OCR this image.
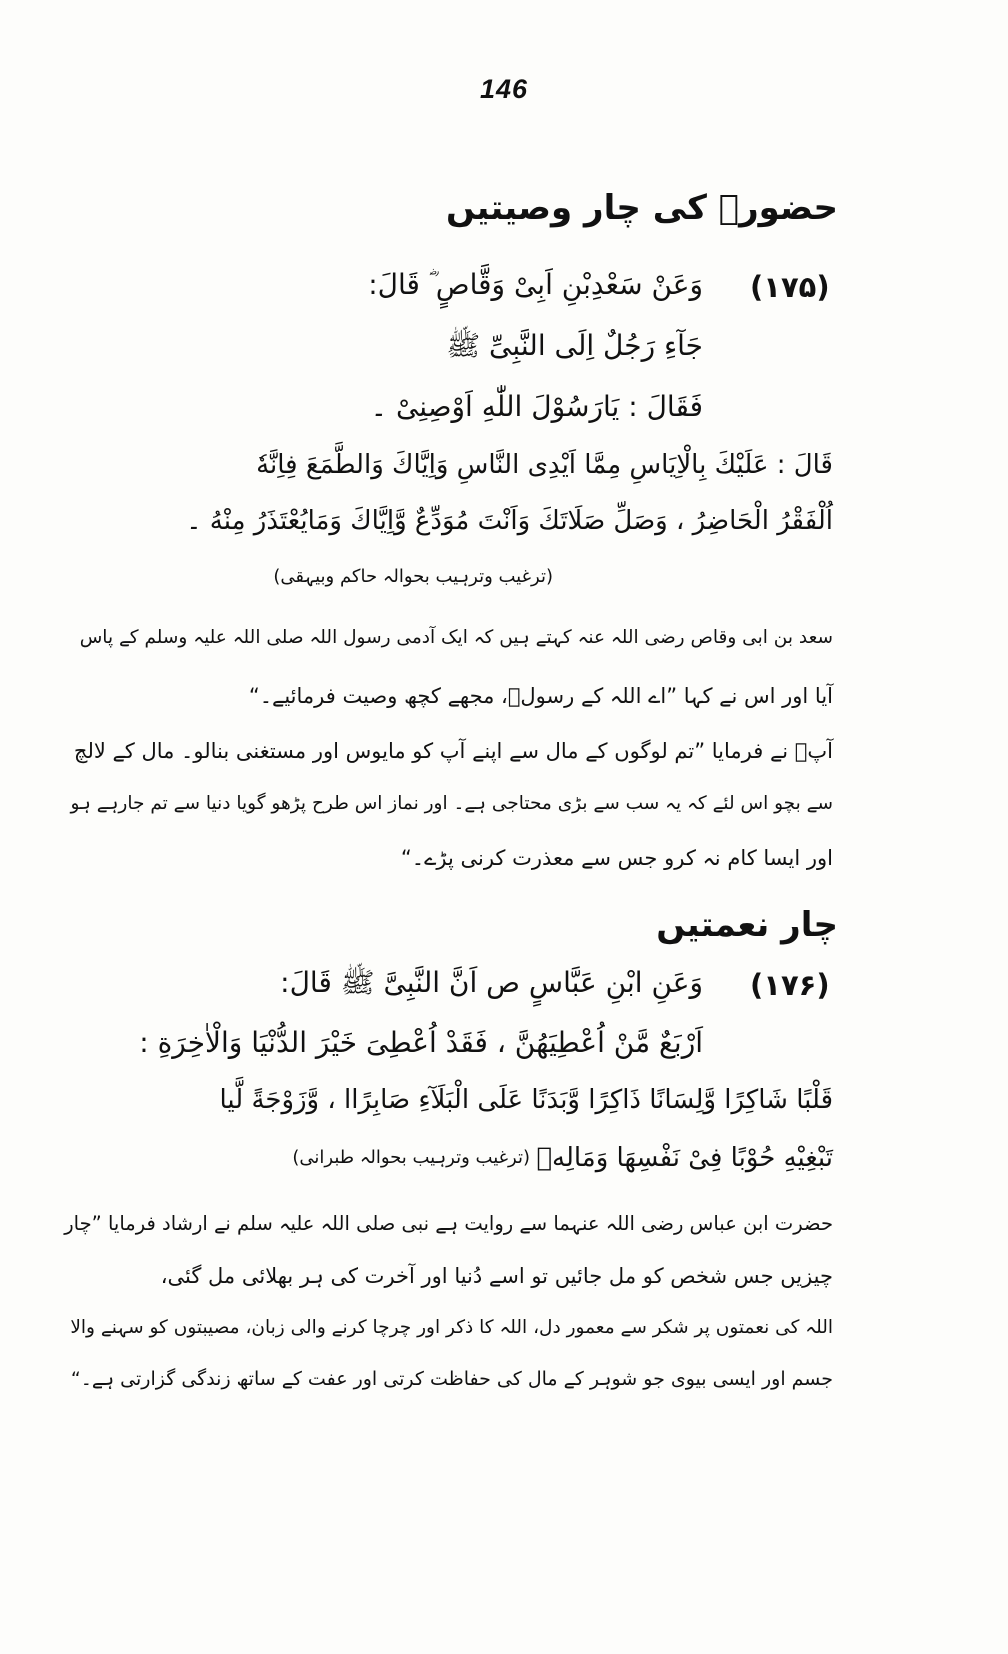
146
حضورؐ کی چار وصیتیں
(۱۷۵)
وَعَنْ سَعْدِبْنِ اَبِیْ وَقَّاصٍ ؓ قَالَ:
جَآءِ رَجُلٌ اِلَی النَّبِیِّ ﷺ
فَقَالَ : یَارَسُوْلَ اللّٰهِ اَوْصِنِیْ ۔
قَالَ : عَلَیْكَ بِالْاِیَاسِ مِمَّا اَیْدِی النَّاسِ وَاِیَّاكَ وَالطَّمَعَ فِاِنَّهٗ
اُلْفَقْرُ الْحَاضِرُ ، وَصَلِّ صَلَاتَكَ وَاَنْتَ مُوَدِّعٌ وَّاِیَّاكَ وَمَایُعْتَذَرُ مِنْهُ ۔
(ترغیب وترہیب بحوالہ حاکم وبیہقی)
سعد بن ابی وقاص رضی اللہ عنہ کہتے ہیں کہ ایک آدمی رسول اللہ صلی اللہ علیہ وسلم کے پاس
آیا اور اس نے کہا ”اے اللہ کے رسولؐ، مجھے کچھ وصیت فرمائیے۔“
آپؐ نے فرمایا ”تم لوگوں کے مال سے اپنے آپ کو مایوس اور مستغنی بنالو۔ مال کے لالچ
سے بچو اس لئے کہ یہ سب سے بڑی محتاجی ہے۔ اور نماز اس طرح پڑھو گویا دنیا سے تم جارہے ہو
اور ایسا کام نہ کرو جس سے معذرت کرنی پڑے۔“
چار نعمتیں
(۱۷۶)
وَعَنِ ابْنِ عَبَّاسٍ ص اَنَّ النَّبِیَّ ﷺ قَالَ:
اَرْبَعٌ مَّنْ اُعْطِیَهُنَّ ، فَقَدْ اُعْطِیَ خَیْرَ الدُّنْیَا وَالْاٰخِرَةِ :
قَلْبًا شَاكِرًا وَّلِسَانًا ذَاكِرًا وَّبَدَنًا عَلَی الْبَلَآءِ صَابِرًاا ، وَّزَوْجَةً لَّیا
تَبْغِیْهِ حُوْبًا فِیْ نَفْسِهَا وَمَالِهٖ
(ترغیب وترہیب بحوالہ طبرانی)
حضرت ابن عباس رضی اللہ عنہما سے روایت ہے نبی صلی اللہ علیہ سلم نے ارشاد فرمایا ”چار
چیزیں جس شخص کو مل جائیں تو اسے دُنیا اور آخرت کی ہر بھلائی مل گئی،
اللہ کی نعمتوں پر شکر سے معمور دل، اللہ کا ذکر اور چرچا کرنے والی زبان، مصیبتوں کو سہنے والا
جسم اور ایسی بیوی جو شوہر کے مال کی حفاظت کرتی اور عفت کے ساتھ زندگی گزارتی ہے۔“
